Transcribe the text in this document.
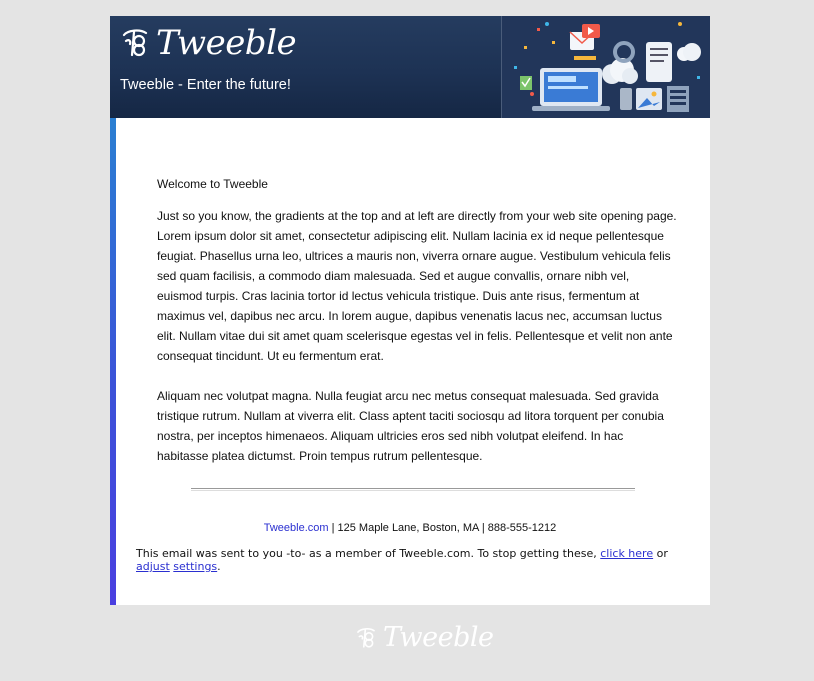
Tweeble
Tweeble - Enter the future!

Welcome to Tweeble

Just so you know, the gradients at the top and at left are directly from your web site opening page. Lorem ipsum dolor sit amet, consectetur adipiscing elit. Nullam lacinia ex id neque pellentesque feugiat. Phasellus urna leo, ultrices a mauris non, viverra ornare augue. Vestibulum vehicula felis sed quam facilisis, a commodo diam malesuada. Sed et augue convallis, ornare nibh vel, euismod turpis. Cras lacinia tortor id lectus vehicula tristique. Duis ante risus, fermentum at maximus vel, dapibus nec arcu. In lorem augue, dapibus venenatis lacus nec, accumsan luctus elit. Nullam vitae dui sit amet quam scelerisque egestas vel in felis. Pellentesque et velit non ante consequat tincidunt. Ut eu fermentum erat.

Aliquam nec volutpat magna. Nulla feugiat arcu nec metus consequat malesuada. Sed gravida tristique rutrum. Nullam at viverra elit. Class aptent taciti sociosqu ad litora torquent per conubia nostra, per inceptos himenaeos. Aliquam ultricies eros sed nibh volutpat eleifend. In hac habitasse platea dictumst. Proin tempus rutrum pellentesque.

Tweeble.com | 125 Maple Lane, Boston, MA | 888-555-1212
This email was sent to you -to- as a member of Tweeble.com. To stop getting these, click here or adjust settings.
Tweeble
